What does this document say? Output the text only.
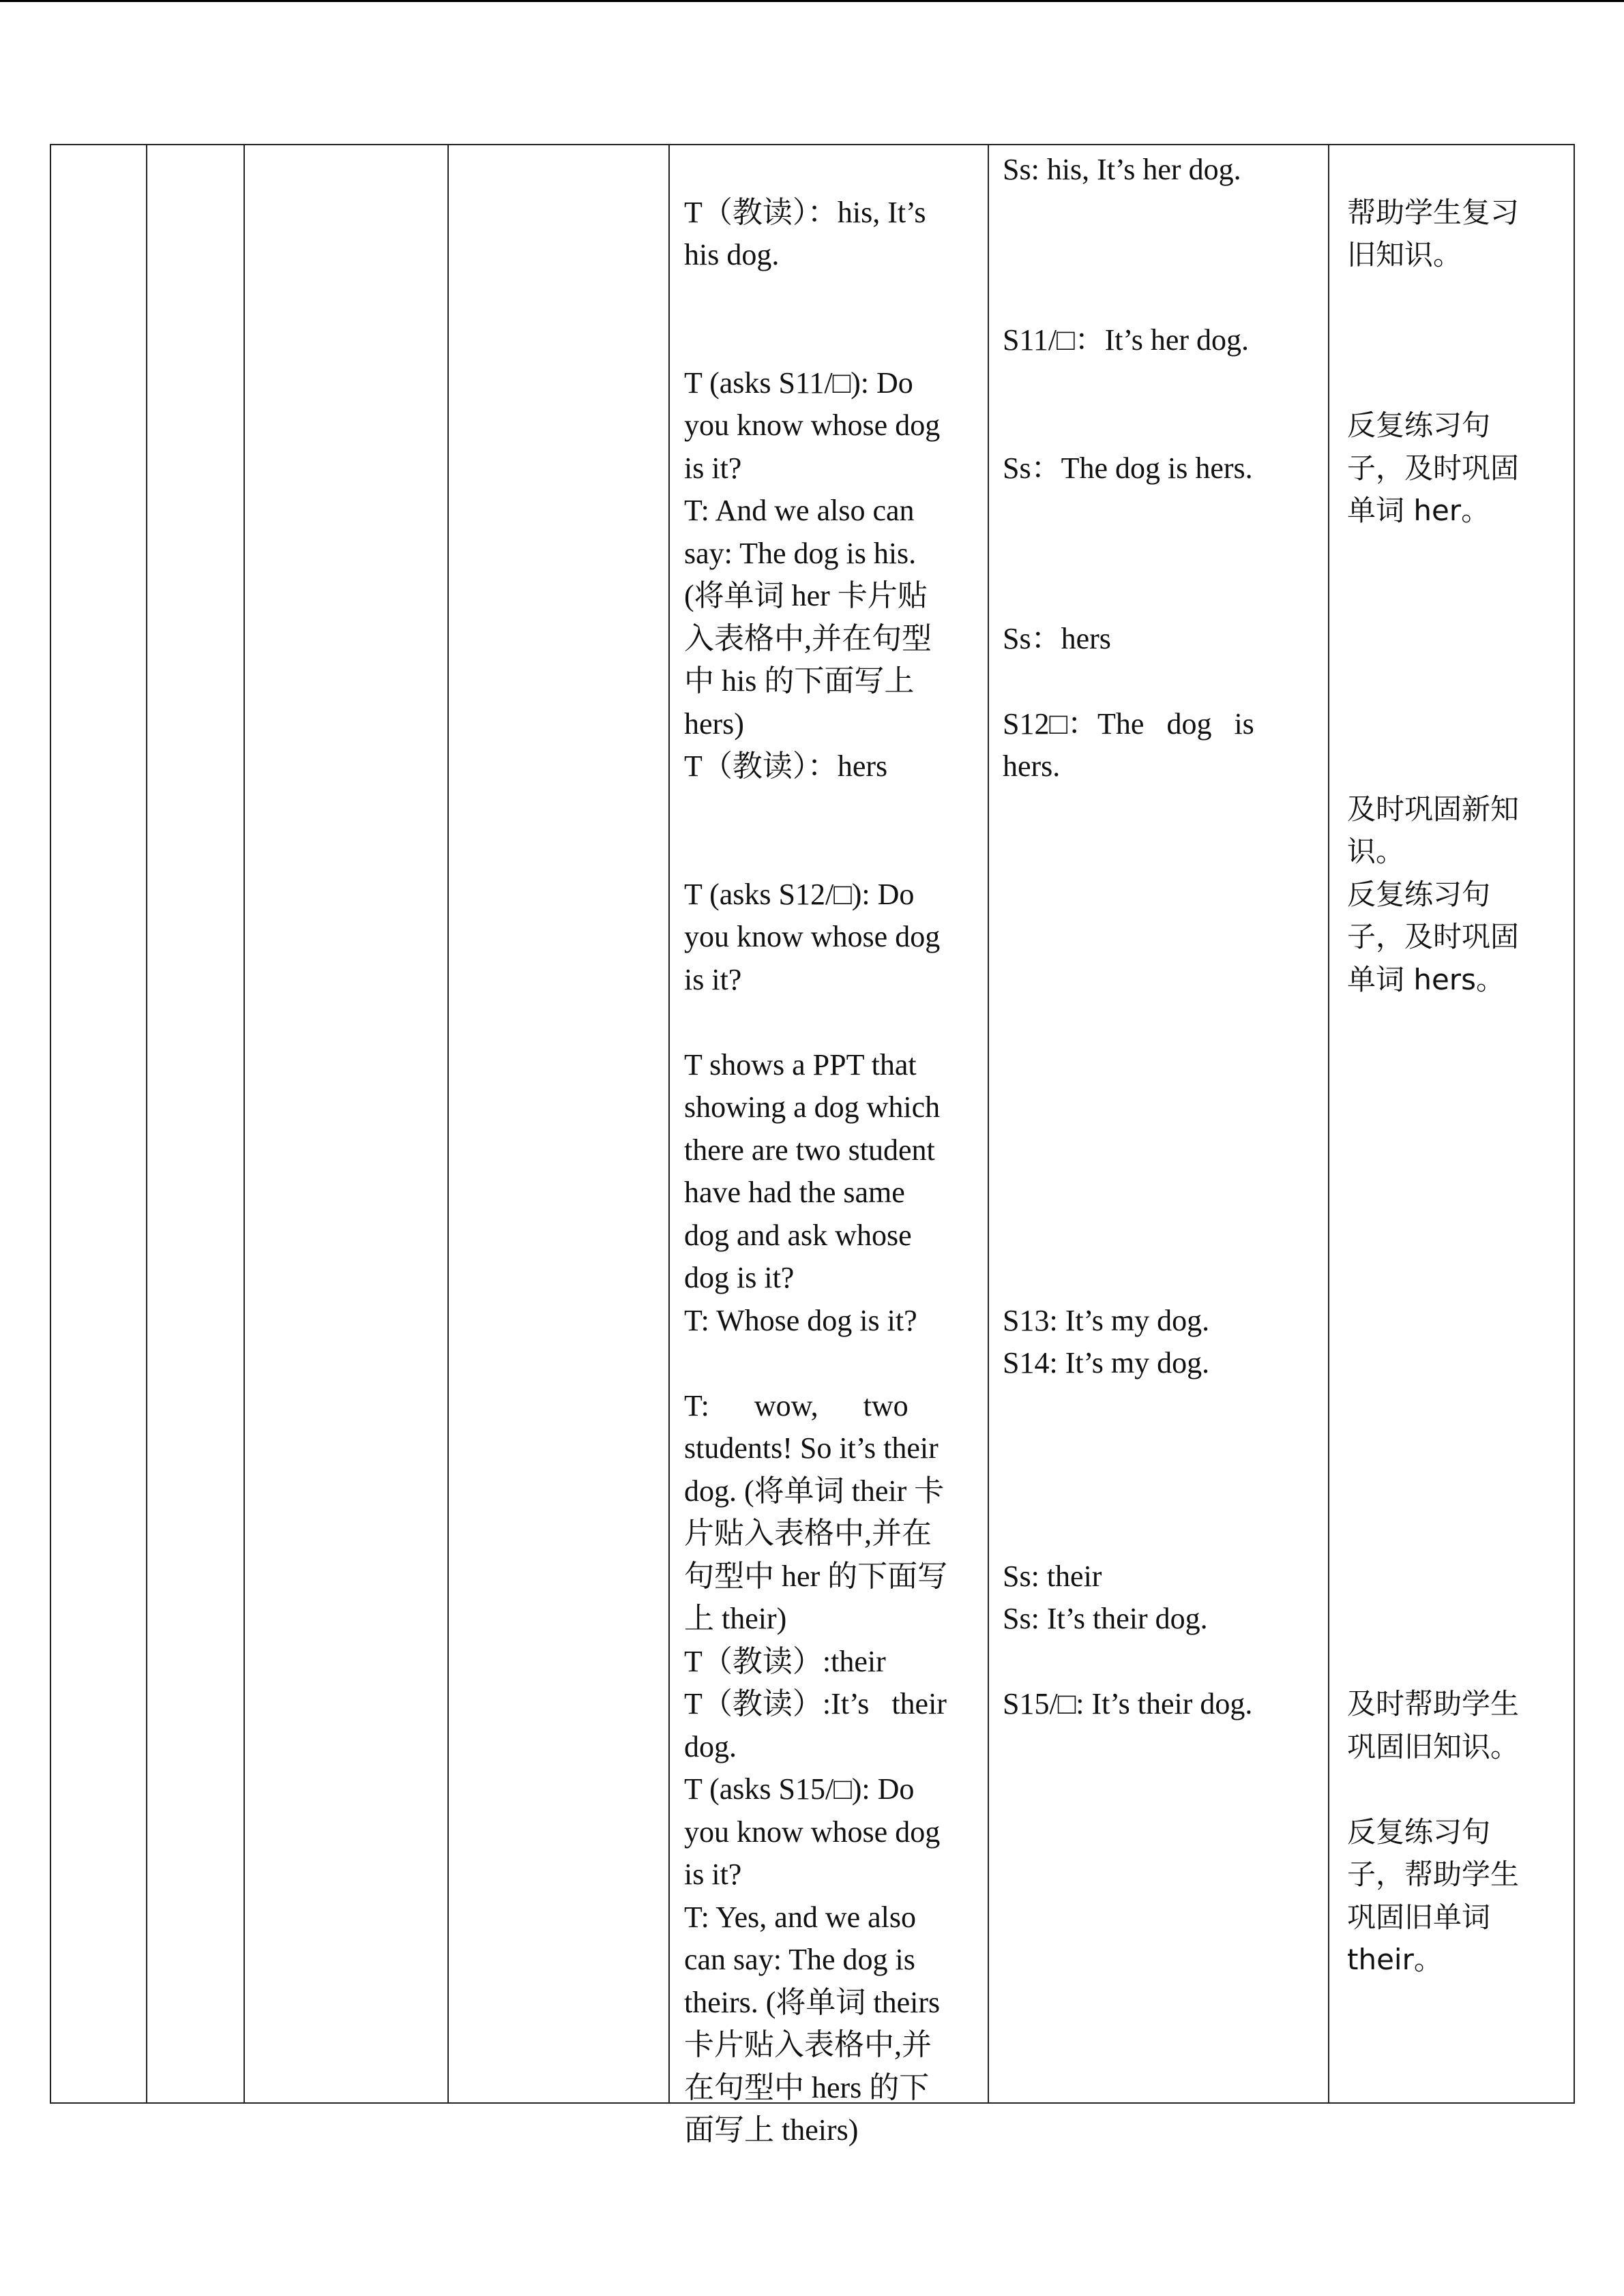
T（教读）：his, It’s
his dog.
T (asks S11/□): Do
you know whose dog
is it?
T: And we also can
say: The dog is his.
(将单词 her 卡片贴
入表格中,并在句型
中 his 的下面写上
hers)
T（教读）：hers
T (asks S12/□): Do
you know whose dog
is it?
T shows a PPT that
showing a dog which
there are two student
have had the same
dog and ask whose
dog is it?
T: Whose dog is it?
T:      wow,      two
students! So it’s their
dog. (将单词 their 卡
片贴入表格中,并在
句型中 her 的下面写
上 their)
T（教读）:their
T（教读）:It’s   their
dog.
T (asks S15/□): Do
you know whose dog
is it?
T: Yes, and we also
can say: The dog is
theirs. (将单词 theirs
卡片贴入表格中,并
在句型中 hers 的下
面写上 theirs)
Ss: his, It’s her dog.
S11/□：It’s her dog.
Ss：The dog is hers.
Ss：hers
S12□：The   dog   is
hers.
S13: It’s my dog.
S14: It’s my dog.
Ss: their
Ss: It’s their dog.
S15/□: It’s their dog.
帮助学生复习
旧知识。
反复练习句
子，及时巩固
单词 her。
及时巩固新知
识。
反复练习句
子，及时巩固
单词 hers。
及时帮助学生
巩固旧知识。
反复练习句
子，帮助学生
巩固旧单词
their。
